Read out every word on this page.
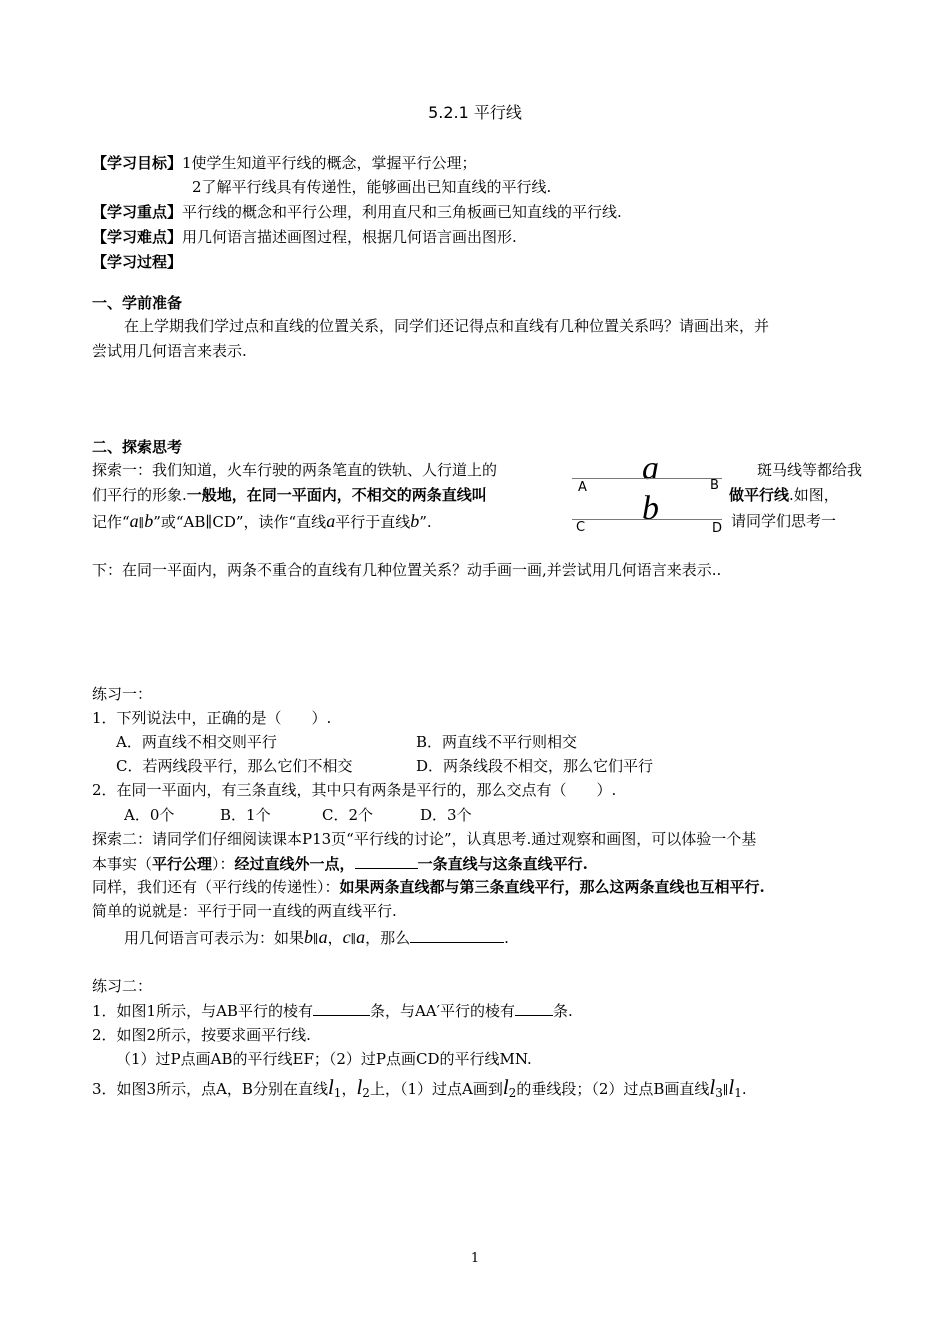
5.2.1 平行线
【学习目标】1使学生知道平行线的概念，掌握平行公理；
2了解平行线具有传递性，能够画出已知直线的平行线.
【学习重点】平行线的概念和平行公理，利用直尺和三角板画已知直线的平行线.
【学习难点】用几何语言描述画图过程，根据几何语言画出图形.
【学习过程】
一、学前准备
在上学期我们学过点和直线的位置关系，同学们还记得点和直线有几种位置关系吗？请画出来，并
尝试用几何语言来表示.
二、探索思考
探索一：我们知道，火车行驶的两条笔直的铁轨、人行道上的	斑马线等都给我
们平行的形象.一般地，在同一平面内，不相交的两条直线叫	做平行线.如图，
记作“a∥b”或“AB∥CD”，读作“直线a平行于直线b”.	请同学们思考一
a
A	B
b
C	D
下：在同一平面内，两条不重合的直线有几种位置关系？动手画一画,并尝试用几何语言来表示..
练习一：
1．下列说法中，正确的是（　　）.
A．两直线不相交则平行	B．两直线不平行则相交
C．若两线段平行，那么它们不相交	D．两条线段不相交，那么它们平行
2．在同一平面内，有三条直线，其中只有两条是平行的，那么交点有（　　）.
A．0个	B．1个	C．2个	D．3个
探索二：请同学们仔细阅读课本P13页“平行线的讨论”，认真思考.通过观察和画图，可以体验一个基
本事实（平行公理）：经过直线外一点，	一条直线与这条直线平行.
同样，我们还有（平行线的传递性）：如果两条直线都与第三条直线平行，那么这两条直线也互相平行.
简单的说就是：平行于同一直线的两直线平行.
用几何语言可表示为：如果b∥a，c∥a，那么	.
练习二：
1．如图1所示，与AB平行的棱有	条，与AA′平行的棱有	条.
2．如图2所示，按要求画平行线.
（1）过P点画AB的平行线EF；（2）过P点画CD的平行线MN.
3．如图3所示，点A，B分别在直线$l_1$，$l_2$上，（1）过点A画到$l_2$的垂线段；（2）过点B画直线$l_3\parallel l_1$.
1
